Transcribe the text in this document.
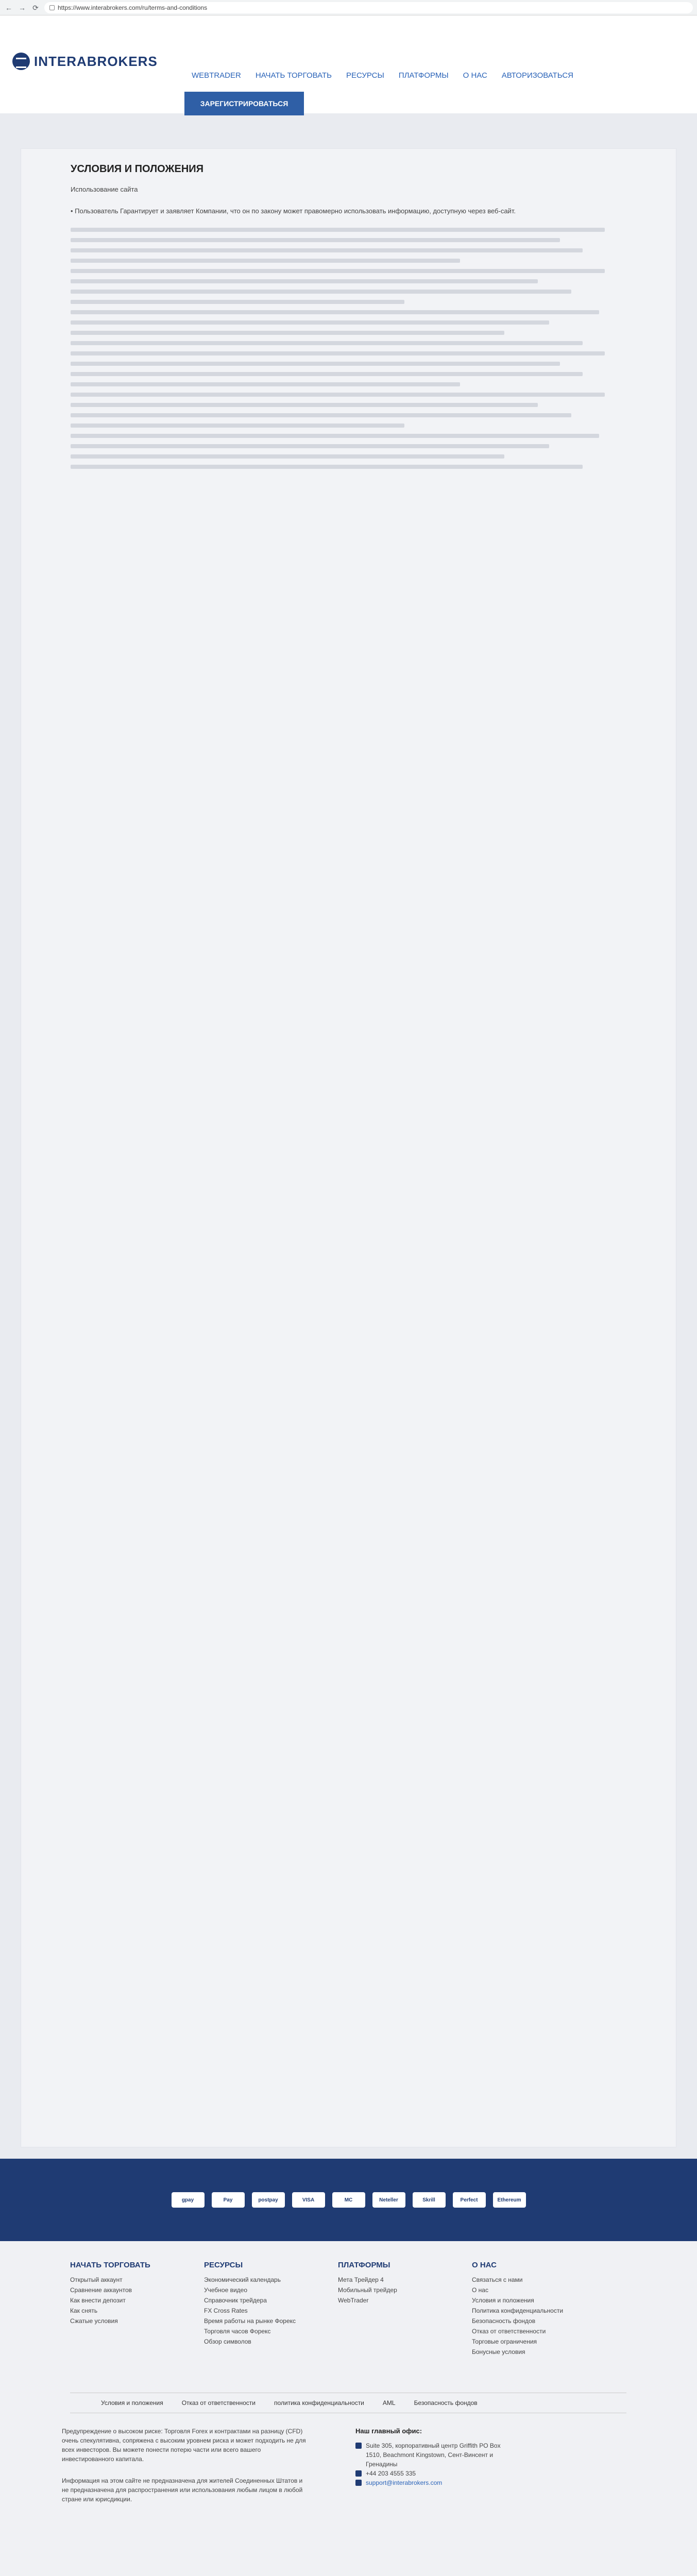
← → ⟳	https://www.interabrokers.com/ru/terms-and-conditions
INTERABROKERS
WEBTRADER НАЧАТЬ ТОРГОВАТЬ РЕСУРСЫ ПЛАТФОРМЫ О НАС АВТОРИЗОВАТЬСЯ
ЗАРЕГИСТРИРОВАТЬСЯ
УСЛОВИЯ И ПОЛОЖЕНИЯ

Использование сайта

• Пользователь Гарантирует и заявляет Компании, что он по закону может правомерно использовать информацию, доступную через веб-сайт.

gpay	Pay	postpay	VISA	MC	Neteller	Skrill	Perfect	Ethereum
НАЧАТЬ ТОРГОВАТЬ
Открытый аккаунт
Сравнение аккаунтов
Как внести депозит
Как снять
Сжатые условия
РЕСУРСЫ
Экономический календарь
Учебное видео
Справочник трейдера
FX Cross Rates
Время работы на рынке Форекс
Торговля часов Форекс
Обзор символов
ПЛАТФОРМЫ
Мета Трейдер 4
Мобильный трейдер
WebTrader
О НАС
Связаться с нами
О нас
Условия и положения
Политика конфиденциальности
Безопасность фондов
Отказ от ответственности
Торговые ограничения
Бонусные условия
Условия и положения	Отказ от ответственности	политика конфиденциальности	AML	Безопасность фондов

Предупреждение о высоком риске: Торговля Forex и контрактами на разницу (CFD) очень спекулятивна, сопряжена с высоким уровнем риска и может подходить не для всех инвесторов. Вы можете понести потерю части или всего вашего инвестированного капитала.

Информация на этом сайте не предназначена для жителей Соединенных Штатов и не предназначена для распространения или использования любым лицом в любой стране или юрисдикции.

Наш главный офис:
Suite 305, корпоративный центр Griffith PO Box 1510, Beachmont Kingstown, Сент-Винсент и Гренадины
+44 203 4555 335
support@interabrokers.com
